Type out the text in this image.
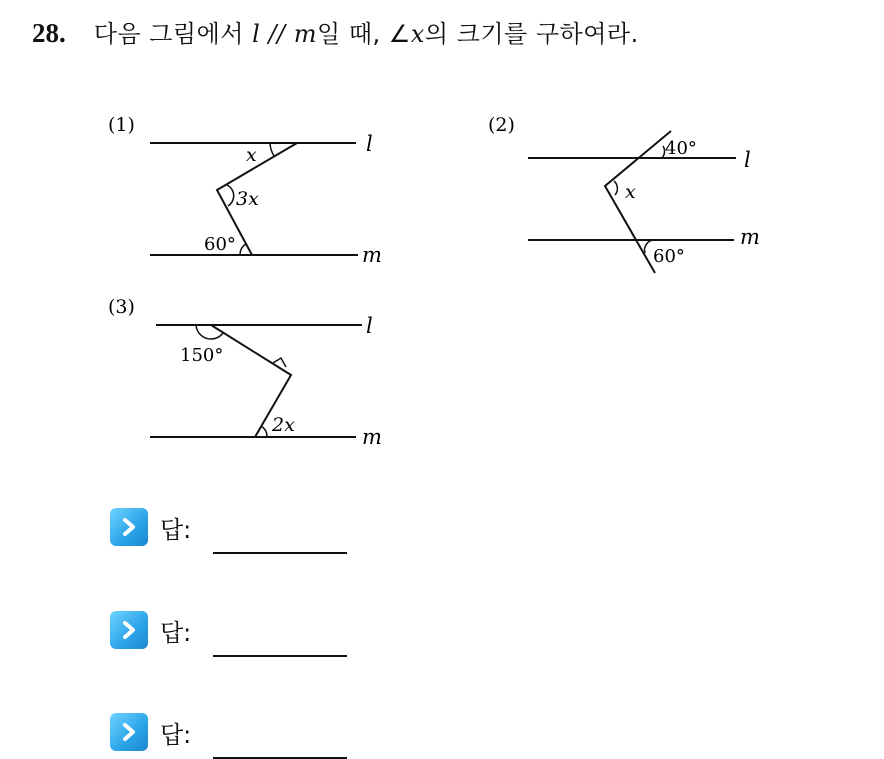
28. 다음 그림에서 l // m일 때, ∠x의 크기를 구하여라.
(1)
l
m
x
3x
60°
(2)
l
m
40°
x
60°
(3)
l
m
150°
2x
답:
답:
답:
